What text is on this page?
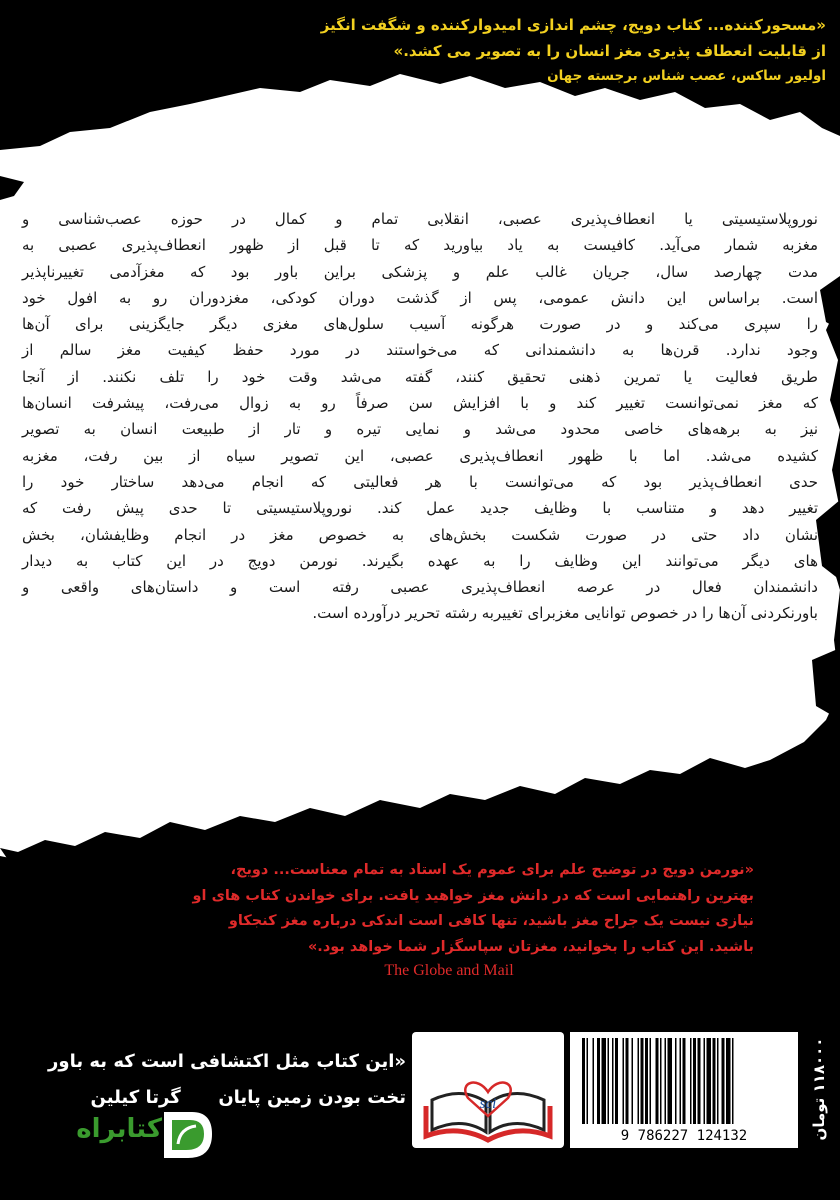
«مسحورکننده... کتاب دویج، چشم اندازی امیدوارکننده و شگفت انگیز

از قابلیت انعطاف پذیری مغز انسان را به تصویر می کشد.»

اولیور ساکس، عصب شناس برجسته جهان

نوروپلاستیسیتی یا انعطاف‌پذیری عصبی، انقلابی تمام و کمال در حوزه عصب‌شناسی و

مغزبه شمار می‌آید. کافیست به یاد بیاورید که تا قبل از ظهور انعطاف‌پذیری عصبی به

مدت چهارصد سال، جریان غالب علم و پزشکی براین باور بود که مغزآدمی تغییرناپذیر

است. براساس این دانش عمومی، پس از گذشت دوران کودکی، مغزدوران رو به افول خود

را سپری می‌کند و در صورت هرگونه آسیب سلول‌های مغزی دیگر جایگزینی برای آن‌ها

وجود ندارد. قرن‌ها به دانشمندانی که می‌خواستند در مورد حفظ کیفیت مغز سالم از

طریق فعالیت یا تمرین ذهنی تحقیق کنند، گفته می‌شد وقت خود را تلف نکنند. از آنجا

که مغز نمی‌توانست تغییر کند و با افزایش سن صرفاً رو به زوال می‌رفت، پیشرفت انسان‌ها

نیز به برهه‌های خاصی محدود می‌شد و نمایی تیره و تار از طبیعت انسان به تصویر

کشیده می‌شد. اما با ظهور انعطاف‌پذیری عصبی، این تصویر سیاه از بین رفت، مغزبه

حدی انعطاف‌پذیر بود که می‌توانست با هر فعالیتی که انجام می‌دهد ساختار خود را

تغییر دهد و متناسب با وظایف جدید عمل کند. نوروپلاستیسیتی تا حدی پیش رفت که

نشان داد حتی در صورت شکست بخش‌های به خصوص مغز در انجام وظایفشان، بخش

های دیگر می‌توانند این وظایف را به عهده بگیرند. نورمن دویج در این کتاب به دیدار

دانشمندان فعال در عرصه انعطاف‌پذیری عصبی رفته است و داستان‌های واقعی و

باورنکردنی آن‌ها را در خصوص توانایی مغزبرای تغییربه رشته تحریر درآورده است.

«نورمن دویج در توضیح علم برای عموم یک استاد به تمام معناست... دویج،

بهترین راهنمایی است که در دانش مغز خواهید یافت. برای خواندن کتاب های او

نیازی نیست یک جراح مغز باشید، تنها کافی است اندکی درباره مغز کنجکاو

باشید. این کتاب را بخوانید، مغزتان سپاسگزار شما خواهد بود.»

The Globe and Mail

«این کتاب مثل اکتشافی است که به باور

تخت بودن زمین پایان      گرتا کیلین	sci
9 786227 124132	۱۱۸۰۰۰ تومان
کتابراه
